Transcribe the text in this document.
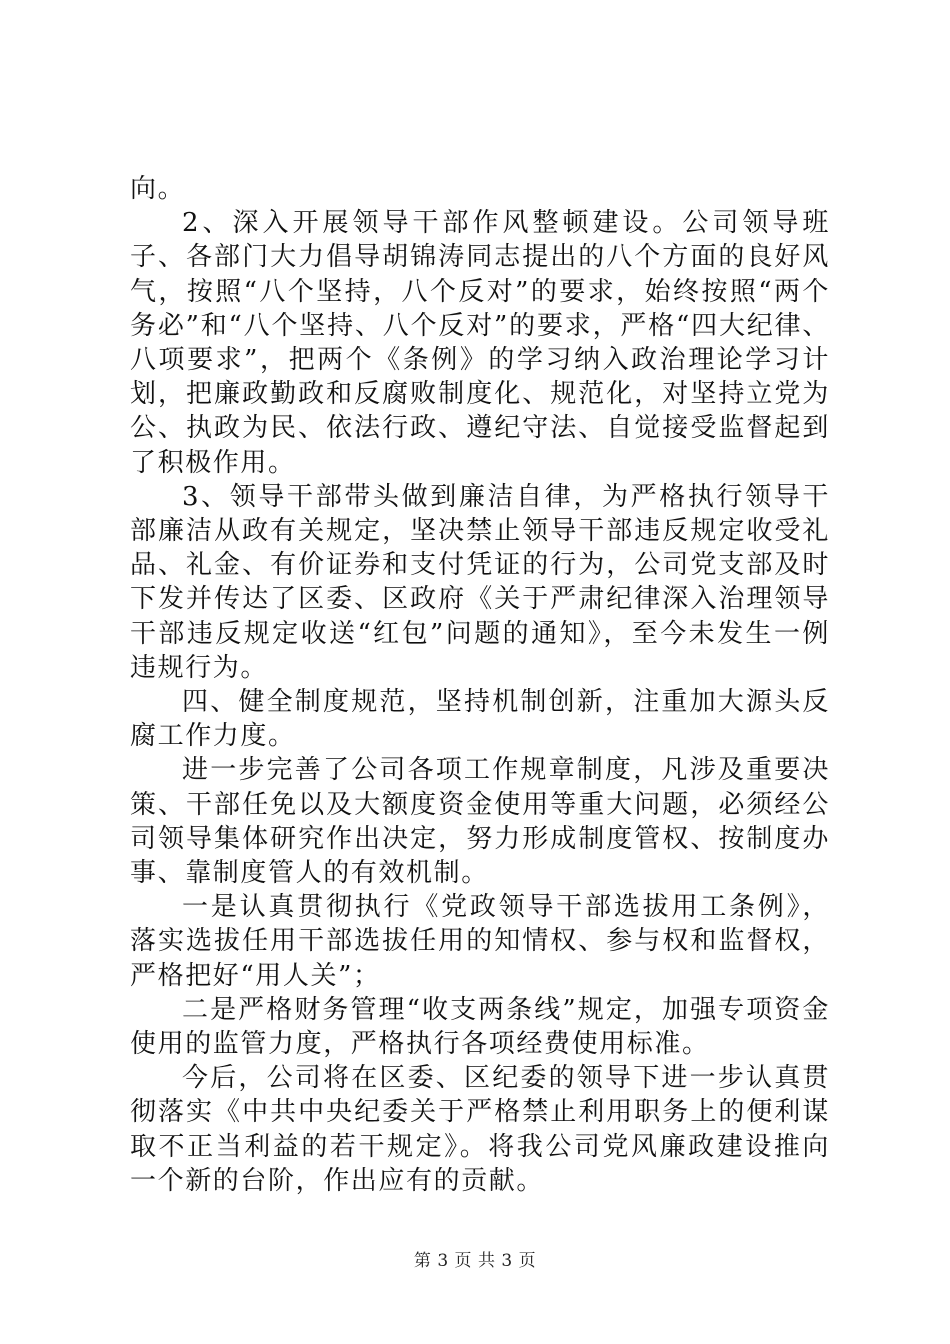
向。

2、深入开展领导干部作风整顿建设。公司领导班子、各部门大力倡导胡锦涛同志提出的八个方面的良好风气，按照“八个坚持，八个反对”的要求，始终按照“两个务必”和“八个坚持、八个反对”的要求，严格“四大纪律、八项要求”，把两个《条例》的学习纳入政治理论学习计划，把廉政勤政和反腐败制度化、规范化，对坚持立党为公、执政为民、依法行政、遵纪守法、自觉接受监督起到了积极作用。

3、领导干部带头做到廉洁自律，为严格执行领导干部廉洁从政有关规定，坚决禁止领导干部违反规定收受礼品、礼金、有价证券和支付凭证的行为，公司党支部及时下发并传达了区委、区政府《关于严肃纪律深入治理领导干部违反规定收送“红包”问题的通知》，至今未发生一例违规行为。

四、健全制度规范，坚持机制创新，注重加大源头反腐工作力度。

进一步完善了公司各项工作规章制度，凡涉及重要决策、干部任免以及大额度资金使用等重大问题，必须经公司领导集体研究作出决定，努力形成制度管权、按制度办事、靠制度管人的有效机制。

一是认真贯彻执行《党政领导干部选拔用工条例》，落实选拔任用干部选拔任用的知情权、参与权和监督权，严格把好“用人关”；

二是严格财务管理“收支两条线”规定，加强专项资金使用的监管力度，严格执行各项经费使用标准。

今后，公司将在区委、区纪委的领导下进一步认真贯彻落实《中共中央纪委关于严格禁止利用职务上的便利谋取不正当利益的若干规定》。将我公司党风廉政建设推向一个新的台阶，作出应有的贡献。

第 3 页 共 3 页
